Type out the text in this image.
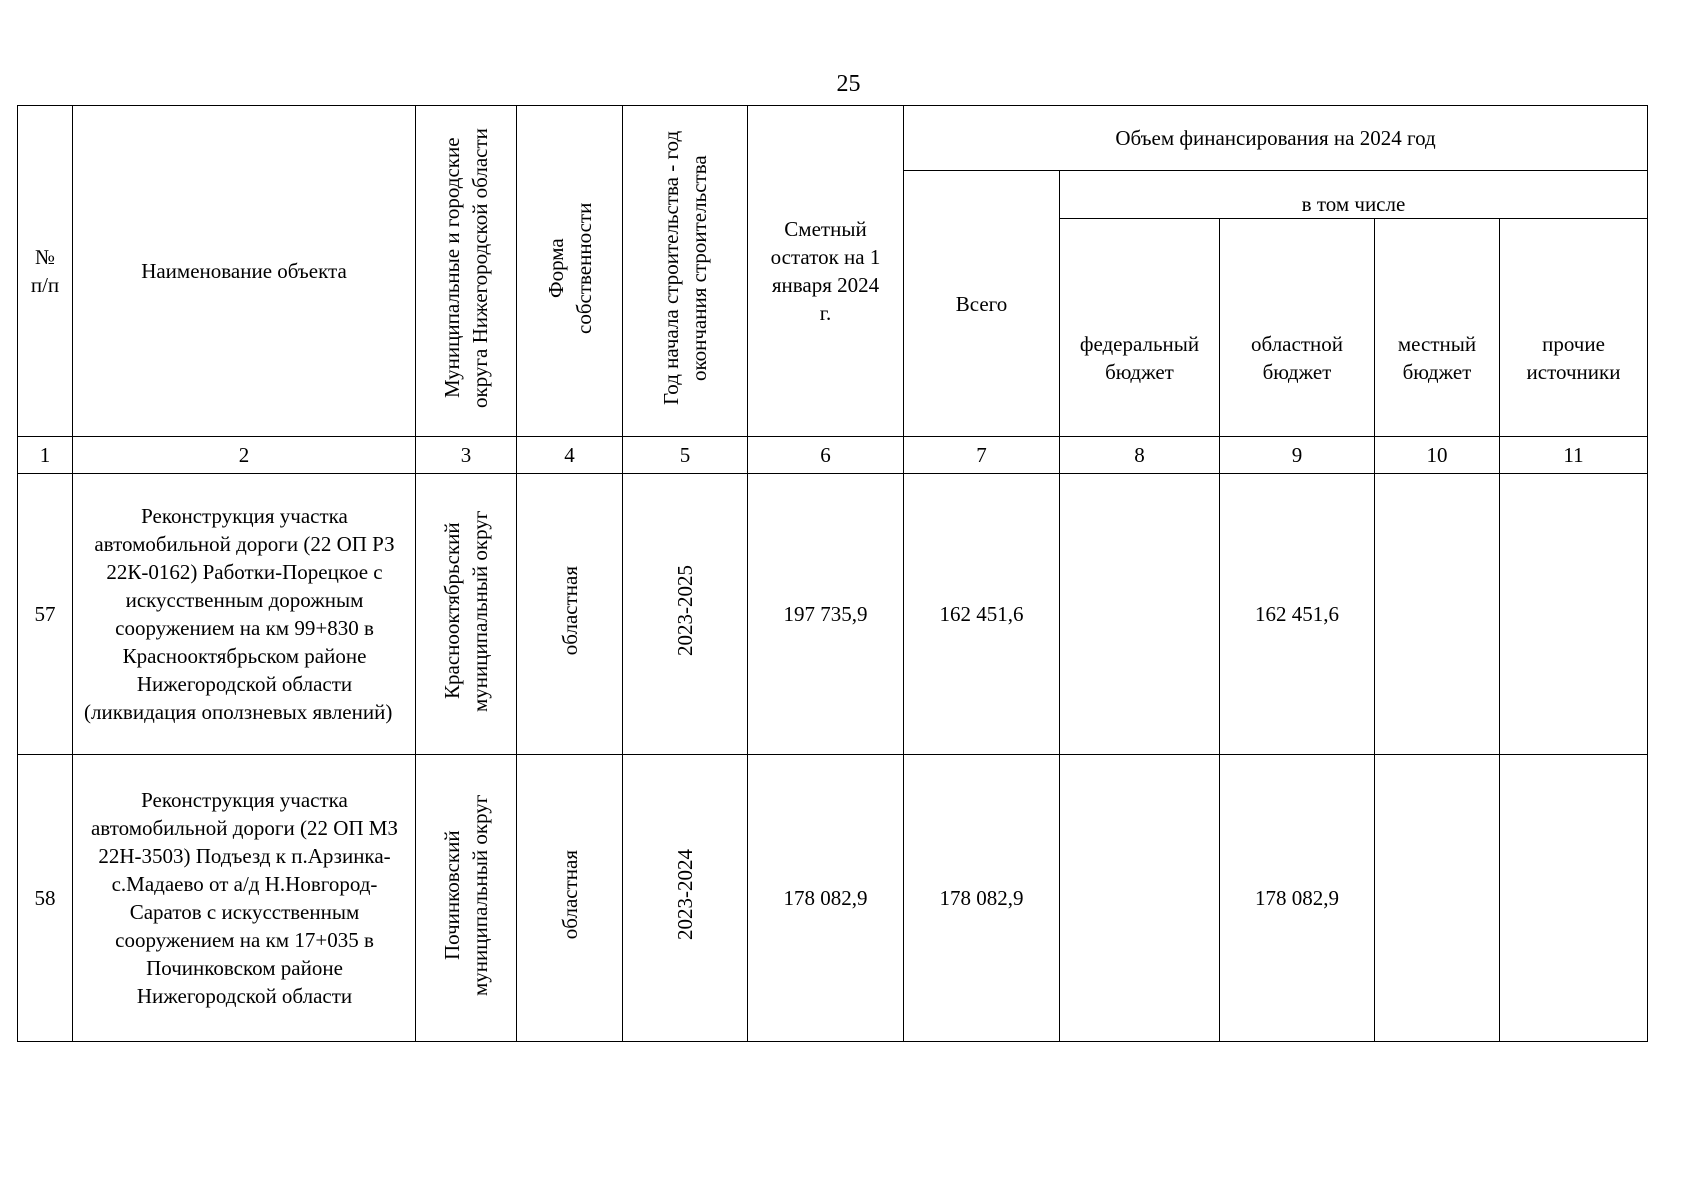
25
№ п/п	Наименование объекта	Муниципальные и городские округа Нижегородской области	Форма собственности	Год начала строительства - год окончания строительства	Сметный остаток на 1 января 2024 г.	Объем финансирования на 2024 год				
						Всего	в том числе			
							федеральный бюджет	областной бюджет	местный бюджет	прочие источники
1	2	3	4	5	6	7	8	9	10	11
57	Реконструкция участка автомобильной дороги (22 ОП РЗ 22К-0162) Работки-Порецкое с искусственным дорожным сооружением на км 99+830 в Краснооктябрьском районе Нижегородской области (ликвидация оползневых явлений)	Краснооктябрьский муниципальный округ	областная	2023-2025	197 735,9	162 451,6		162 451,6		
58	Реконструкция участка автомобильной дороги (22 ОП МЗ 22Н-3503) Подъезд к п.Арзинка-с.Мадаево от а/д Н.Новгород-Саратов с искусственным сооружением на км 17+035 в Починковском районе Нижегородской области	Починковский муниципальный округ	областная	2023-2024	178 082,9	178 082,9		178 082,9		
